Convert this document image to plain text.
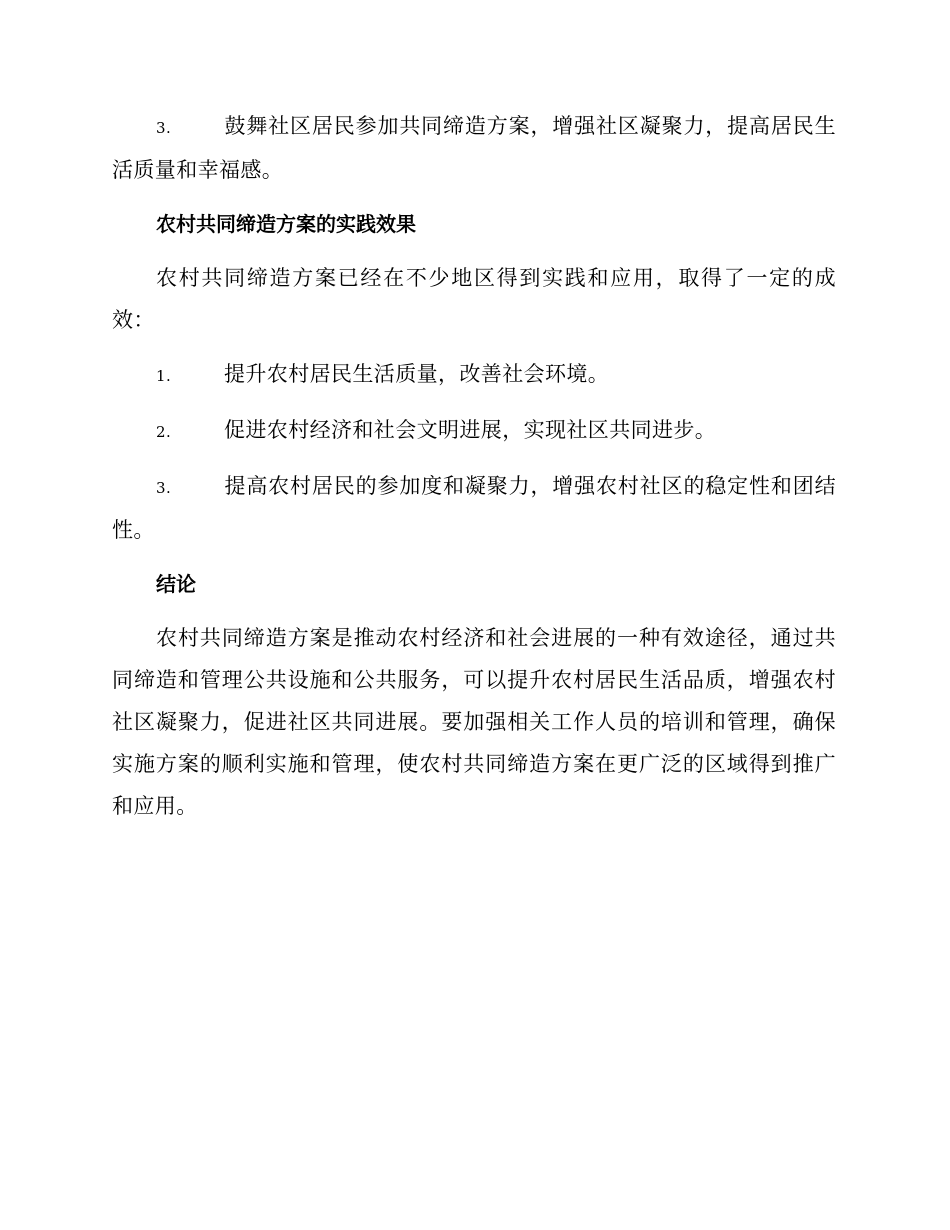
3.	鼓舞社区居民参加共同缔造方案，增强社区凝聚力，提高居民生活质量和幸福感。

农村共同缔造方案的实践效果

农村共同缔造方案已经在不少地区得到实践和应用，取得了一定的成效：

1.	提升农村居民生活质量，改善社会环境。

2.	促进农村经济和社会文明进展，实现社区共同进步。

3.	提高农村居民的参加度和凝聚力，增强农村社区的稳定性和团结性。

结论

农村共同缔造方案是推动农村经济和社会进展的一种有效途径，通过共同缔造和管理公共设施和公共服务，可以提升农村居民生活品质，增强农村社区凝聚力，促进社区共同进展。要加强相关工作人员的培训和管理，确保实施方案的顺利实施和管理，使农村共同缔造方案在更广泛的区域得到推广和应用。
